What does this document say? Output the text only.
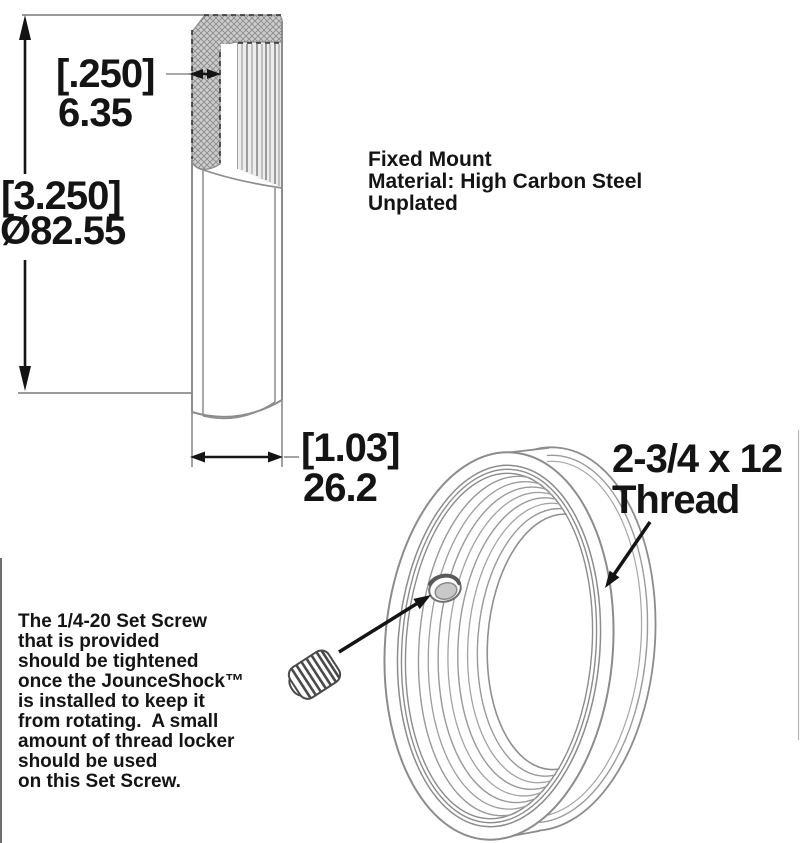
[.250]
6.35
[3.250]
Ø82.55
[1.03]
26.2
Fixed Mount
Material: High Carbon Steel
Unplated
2-3/4 x 12
Thread
The 1/4-20 Set Screw
that is provided
should be tightened
once the JounceShock™
is installed to keep it
from rotating.  A small
amount of thread locker
should be used
on this Set Screw.
